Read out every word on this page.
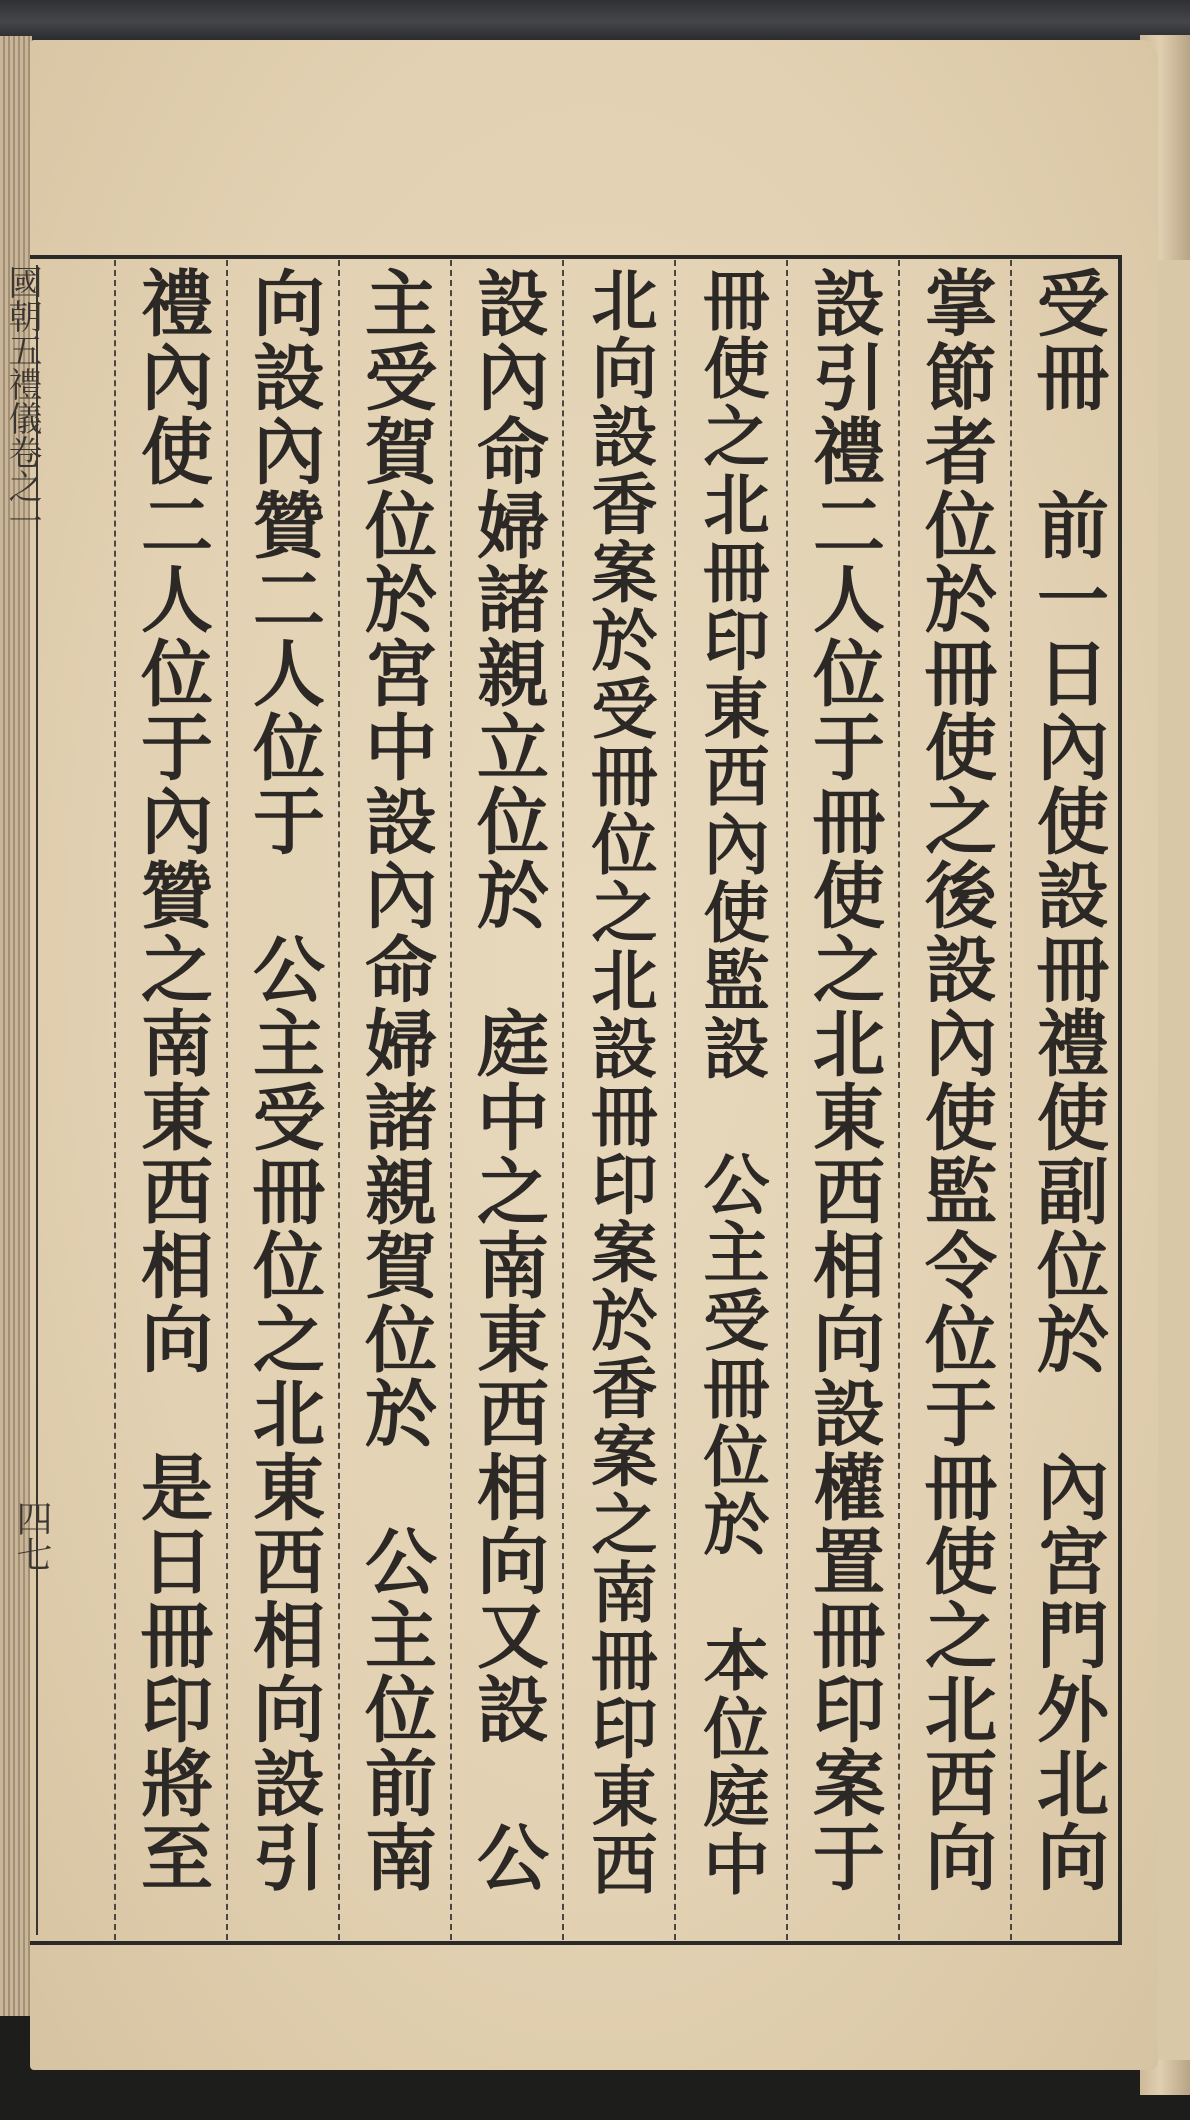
國朝五禮儀卷之一
四七	受冊　前一日內使設冊禮使副位於　內宮門外北向
掌節者位於冊使之後設內使監令位于冊使之北西向
設引禮二人位于冊使之北東西相向設權置冊印案于
冊使之北冊印東西內使監設　公主受冊位於　本位庭中
北向設香案於受冊位之北設冊印案於香案之南冊印東西
設內命婦諸親立位於　庭中之南東西相向又設　公
主受賀位於宮中設內命婦諸親賀位於　公主位前南
向設內贊二人位于　公主受冊位之北東西相向設引
禮內使二人位于內贊之南東西相向　是日冊印將至
